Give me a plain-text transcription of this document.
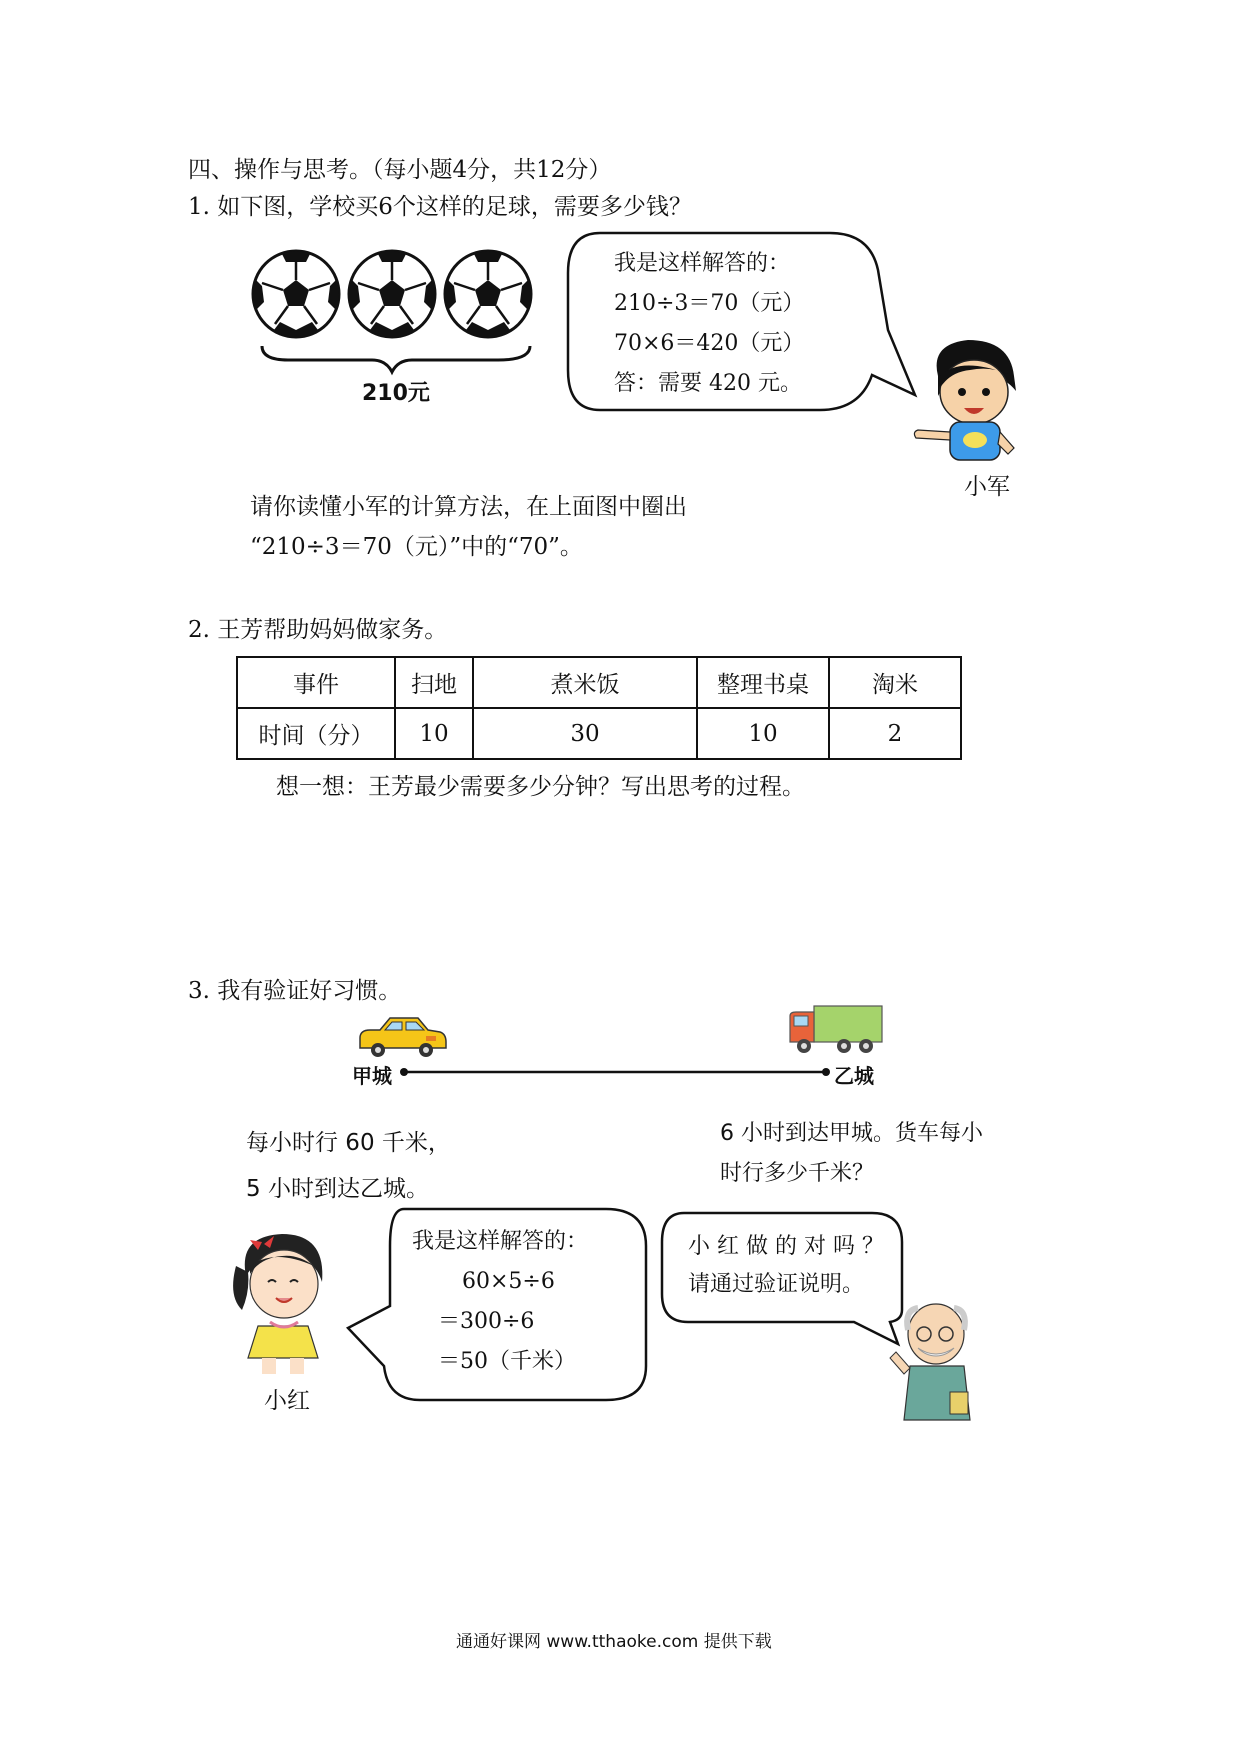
四、操作与思考。（每小题4分，共12分）
1. 如下图，学校买6个这样的足球，需要多少钱？
210元
我是这样解答的：
210÷3＝70（元）
70×6＝420（元）
答：需要 420 元。
小军
请你读懂小军的计算方法，在上面图中圈出
“210÷3＝70（元）”中的“70”。
2. 王芳帮助妈妈做家务。
事件	扫地	煮米饭	整理书桌	淘米
时间（分）	10	30	10	2
想一想：王芳最少需要多少分钟？写出思考的过程。
3. 我有验证好习惯。
甲城	乙城
每小时行 60 千米，
5 小时到达乙城。
6 小时到达甲城。货车每小
时行多少千米？
小红
我是这样解答的：
60×5÷6
＝300÷6
＝50（千米）
小 红 做 的 对 吗 ？
请通过验证说明。
通通好课网 www.tthaoke.com 提供下载
